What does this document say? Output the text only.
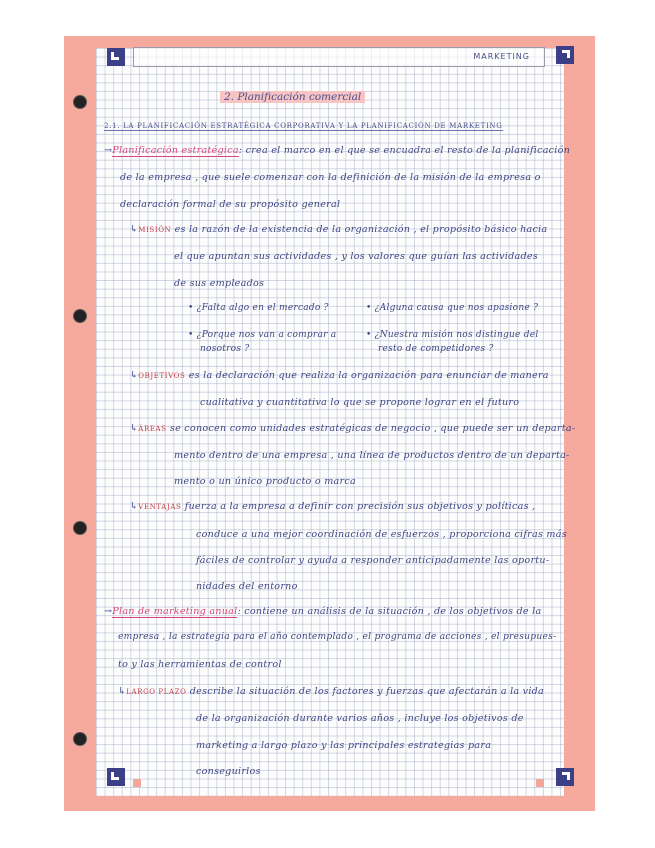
MARKETING
2. Planificación comercial
2.1. LA PLANIFICACIÓN ESTRATÉGICA CORPORATIVA Y LA PLANIFICACIÓN DE MARKETING
→Planificación estratégica: crea el marco en el que se encuadra el resto de la planificación
de la empresa , que suele comenzar con la definición de la misión de la empresa o
declaración formal de su propósito general
↳MISIÓN es la razón de la existencia de la organización , el propósito básico hacia
el que apuntan sus actividades , y los valores que guían las actividades
de sus empleados
• ¿Falta algo en el mercado ?	• ¿Alguna causa que nos apasione ?
• ¿Porque nos van a comprar a
nosotros ?
• ¿Nuestra misión nos distingue del
resto de competidores ?
↳OBJETIVOS es la declaración que realiza la organización para enunciar de manera
cualitativa y cuantitativa lo que se propone lograr en el futuro
↳ÁREAS se conocen como unidades estratégicas de negocio , que puede ser un departa-
mento dentro de una empresa , una línea de productos dentro de un departa-
mento o un único producto o marca
↳VENTAJAS fuerza a la empresa a definir con precisión sus objetivos y políticas ,
conduce a una mejor coordinación de esfuerzos , proporciona cifras más
fáciles de controlar y ayuda a responder anticipadamente las oportu-
nidades del entorno
→Plan de marketing anual: contiene un análisis de la situación , de los objetivos de la
empresa , la estrategia para el año contemplado , el programa de acciones , el presupues-
to y las herramientas de control
↳LARGO PLAZO describe la situación de los factores y fuerzas que afectarán a la vida
de la organización durante varios años , incluye los objetivos de
marketing a largo plazo y las principales estrategias para
conseguirlos
